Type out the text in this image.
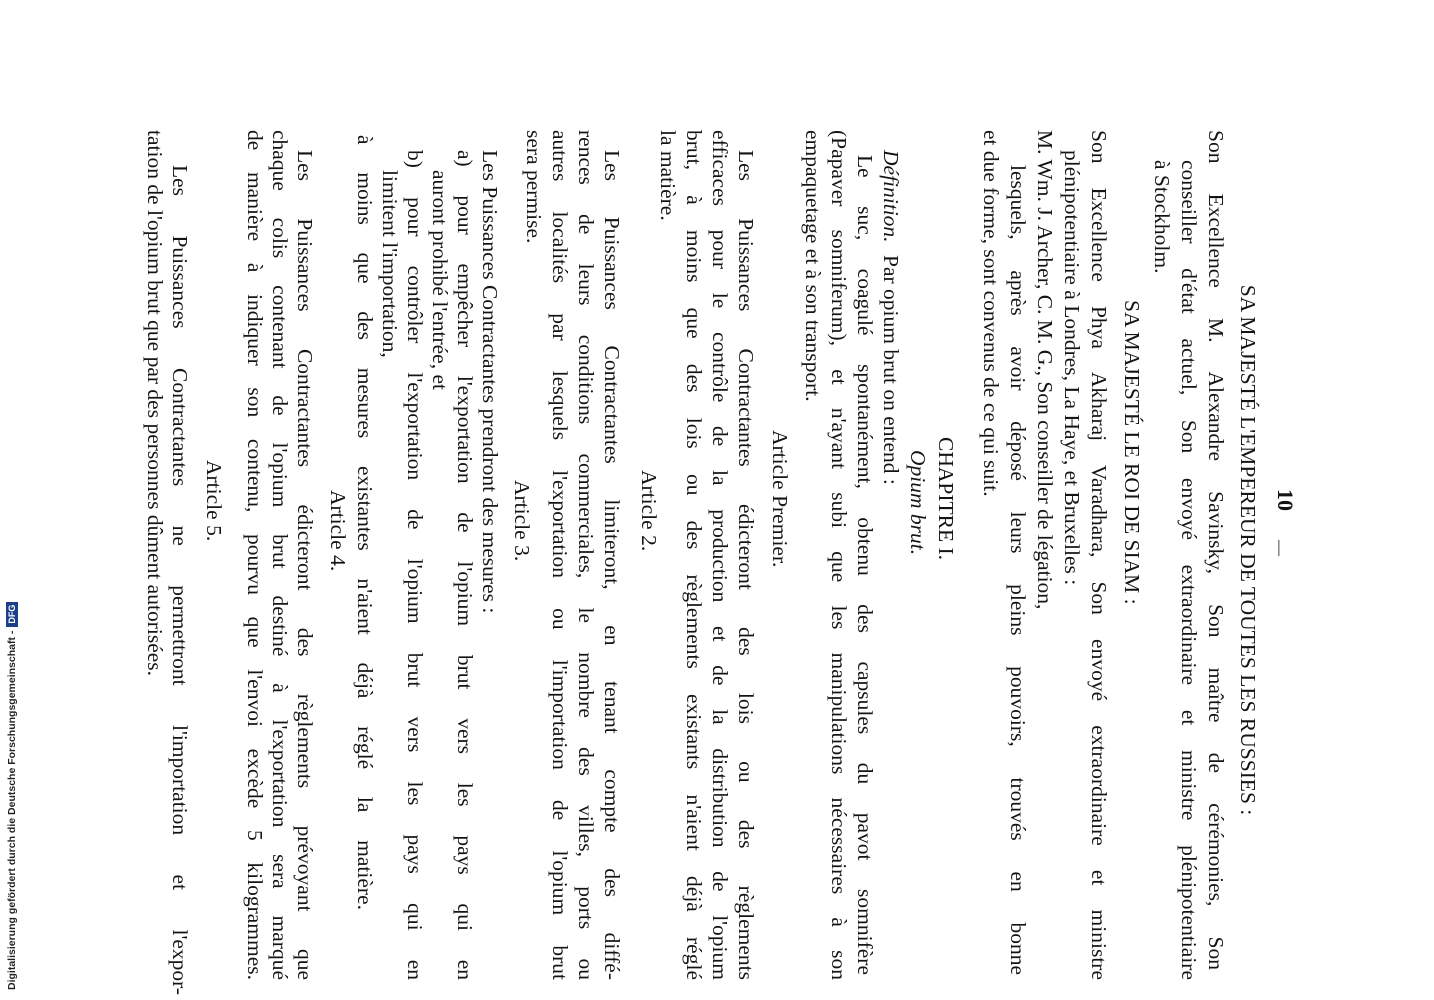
10
—
SA MAJESTÉ L'EMPEREUR DE TOUTES LES RUSSIES :
Son Excellence M. Alexandre Savinsky, Son maître de cérémonies, Son
conseiller d'état actuel, Son envoyé extraordinaire et ministre plénipotentiaire
à Stockholm.
SA MAJESTÉ LE ROI DE SIAM :
Son Excellence Phya Akharaj Varadhara, Son envoyé extraordinaire et ministre
plénipotentiaire à Londres, La Haye, et Bruxelles :
M. Wm. J. Archer, C. M. G., Son conseiller de légation,
lesquels, après avoir déposé leurs pleins pouvoirs, trouvés en bonne
et due forme, sont convenus de ce qui suit.
CHAPITRE I.
Opium brut.
Définition.
Par opium brut on entend :
Le suc, coagulé spontanément, obtenu des capsules du pavot somnifère
(Papaver somniferum), et n'ayant subi que les manipulations nécessaires à son
empaquetage et à son transport.
Article Premier.
Les Puissances Contractantes édicteront des lois ou des règlements
efficaces pour le contrôle de la production et de la distribution de l'opium
brut, à moins que des lois ou des règlements existants n'aient déjà réglé
la matière.
Article 2.
Les Puissances Contractantes limiteront, en tenant compte des diffé-
rences de leurs conditions commerciales, le nombre des villes, ports ou
autres localités par lesquels l'exportation ou l'importation de l'opium brut
sera permise.
Article 3.
Les Puissances Contractantes prendront des mesures :
a) pour empêcher l'exportation de l'opium brut vers les pays qui en
auront prohibé l'entrée, et
b) pour contrôler l'exportation de l'opium brut vers les pays qui en
limitent l'importation,
à moins que des mesures existantes n'aient déjà réglé la matière.
Article 4.
Les Puissances Contractantes édicteront des règlements prévoyant que
chaque colis contenant de l'opium brut destiné à l'exportation sera marqué
de manière à indiquer son contenu, pourvu que l'envoi excède 5 kilogrammes.
Article 5.
Les Puissances Contractantes ne permettront l'importation et l'expor-
tation de l'opium brut que par des personnes dûment autorisées.
Digitalisierung gefördert durch die Deutsche Forschungsgemeinschaft -
DFG
